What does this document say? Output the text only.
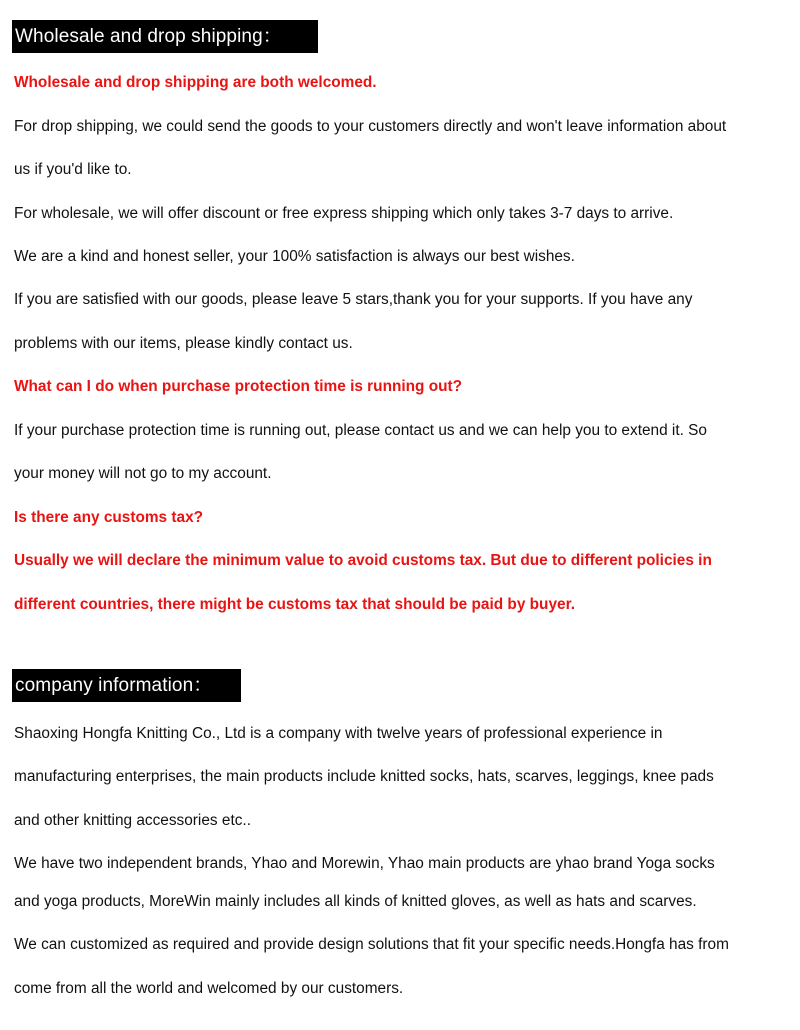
Wholesale and drop shipping：
Wholesale and drop shipping are both welcomed.
For drop shipping, we could send the goods to your customers directly and won't leave information about
us if you'd like to.
For wholesale, we will offer discount or free express shipping which only takes 3-7 days to arrive.
We are a kind and honest seller, your 100% satisfaction is always our best wishes.
If you are satisfied with our goods, please leave 5 stars,thank you for your supports. If you have any
problems with our items, please kindly contact us.
What can I do when purchase protection time is running out?
If your purchase protection time is running out, please contact us and we can help you to extend it. So
your money will not go to my account.
Is there any customs tax?
Usually we will declare the minimum value to avoid customs tax. But due to different policies in
different countries, there might be customs tax that should be paid by buyer.
company information：
Shaoxing Hongfa Knitting Co., Ltd is a company with twelve years of professional experience in
manufacturing enterprises, the main products include knitted socks, hats, scarves, leggings, knee pads
and other knitting accessories etc..
We have two independent brands, Yhao and Morewin, Yhao main products are yhao brand Yoga socks
and yoga products, MoreWin mainly includes all kinds of knitted gloves, as well as hats and scarves.
We can customized as required and provide design solutions that fit your specific needs.Hongfa has from
come from all the world and welcomed by our customers.
